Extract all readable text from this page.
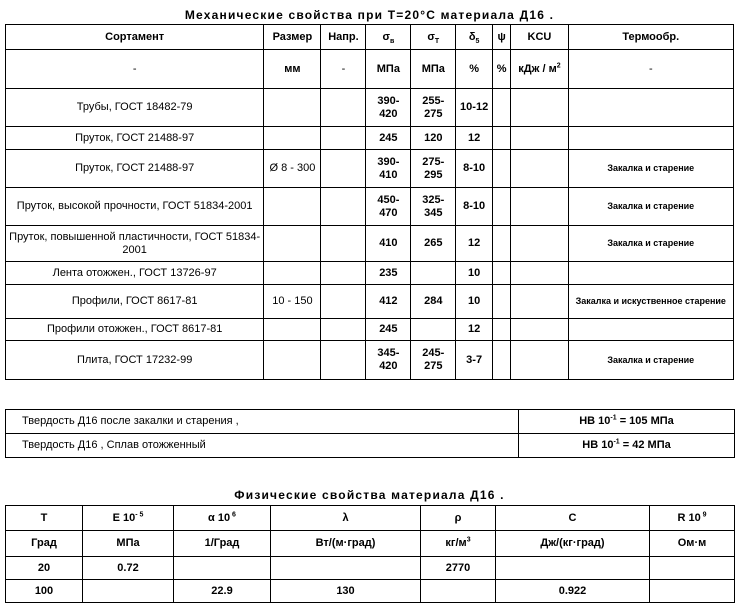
Механические свойства при Т=20°С материала Д16 .
Сортамент	Размер	Напр.	$\sigma_в$	$\sigma_T$	$\delta_5$	ψ	KCU	Термообр.
-	мм	-	МПа	МПа	%	%	кДж / $м^2$	-
Трубы, ГОСТ 18482-79			390-420	255-275	10-12			
Пруток, ГОСТ 21488-97			245	120	12			
Пруток, ГОСТ 21488-97	Ø 8 - 300		390-410	275-295	8-10			Закалка и старение
Пруток, высокой прочности, ГОСТ 51834-2001			450-470	325-345	8-10			Закалка и старение
Пруток, повышенной пластичности, ГОСТ 51834-2001			410	265	12			Закалка и старение
Лента отожжен., ГОСТ 13726-97			235		10			
Профили, ГОСТ 8617-81	10 - 150		412	284	10			Закалка и искуственное старение
Профили отожжен., ГОСТ 8617-81			245		12			
Плита, ГОСТ 17232-99			345-420	245-275	3-7			Закалка и старение
Твердость Д16 после закалки и старения ,	HB $10^{-1} = 105$ МПа
Твердость Д16 , Сплав отожженный	HB $10^{-1} = 42$ МПа
Физические свойства материала Д16 .
T	E $10^{- 5}$	α 10 $^6$	λ	ρ	C	R 10 $^9$
Град	МПа	1/Град	Вт/(м·град)	$кг/м^3$	Дж/(кг·град)	Ом·м
20	0.72			2770		
100		22.9	130		0.922	
